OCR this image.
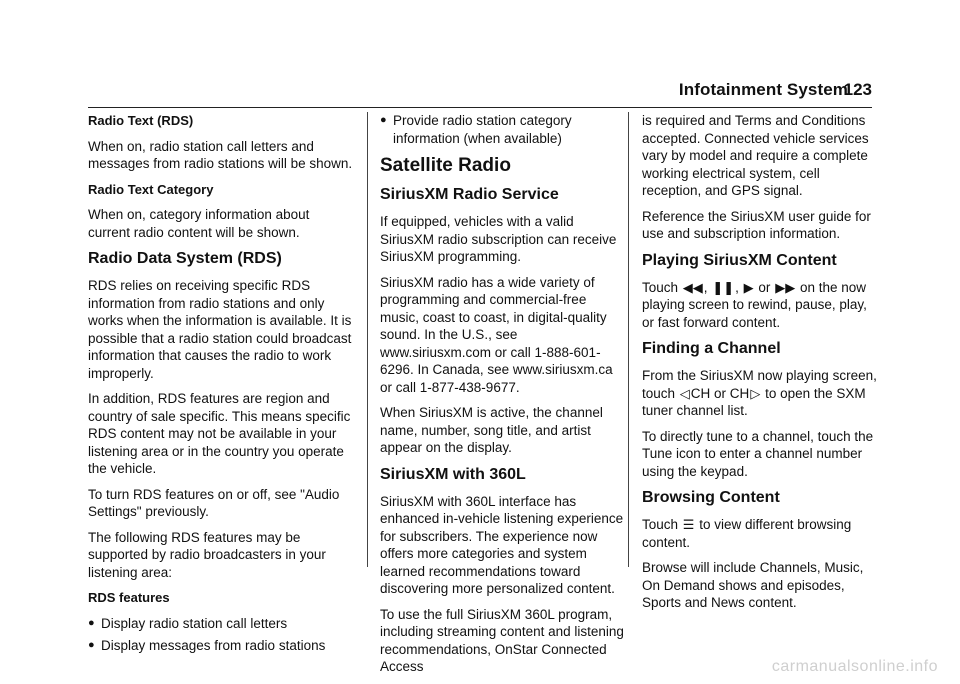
Infotainment System
123

Radio Text (RDS)

When on, radio station call letters and messages from radio stations will be shown.

Radio Text Category

When on, category information about current radio content will be shown.

Radio Data System (RDS)

RDS relies on receiving specific RDS information from radio stations and only works when the information is available. It is possible that a radio station could broadcast information that causes the radio to work improperly.

In addition, RDS features are region and country of sale specific. This means specific RDS content may not be available in your listening area or in the country you operate the vehicle.

To turn RDS features on or off, see "Audio Settings" previously.

The following RDS features may be supported by radio broadcasters in your listening area:

RDS features

● Display radio station call letters
● Display messages from radio stations
● Provide radio station category information (when available)
Satellite Radio
SiriusXM Radio Service

If equipped, vehicles with a valid SiriusXM radio subscription can receive SiriusXM programming.

SiriusXM radio has a wide variety of programming and commercial-free music, coast to coast, in digital-quality sound. In the U.S., see www.siriusxm.com or call 1-888-601-6296. In Canada, see www.siriusxm.ca or call 1-877-438-9677.

When SiriusXM is active, the channel name, number, song title, and artist appear on the display.

SiriusXM with 360L

SiriusXM with 360L interface has enhanced in-vehicle listening experience for subscribers. The experience now offers more categories and system learned recommendations toward discovering more personalized content.

To use the full SiriusXM 360L program, including streaming content and listening recommendations, OnStar Connected Access

is required and Terms and Conditions accepted. Connected vehicle services vary by model and require a complete working electrical system, cell reception, and GPS signal.

Reference the SiriusXM user guide for use and subscription information.

Playing SiriusXM Content

Touch ◀◀, ❚❚, ▶ or ▶▶ on the now playing screen to rewind, pause, play, or fast forward content.

Finding a Channel

From the SiriusXM now playing screen, touch ◁CH or CH▷ to open the SXM tuner channel list.

To directly tune to a channel, touch the Tune icon to enter a channel number using the keypad.

Browsing Content

Touch ☰ to view different browsing content.

Browse will include Channels, Music, On Demand shows and episodes, Sports and News content.

carmanualsonline.info
